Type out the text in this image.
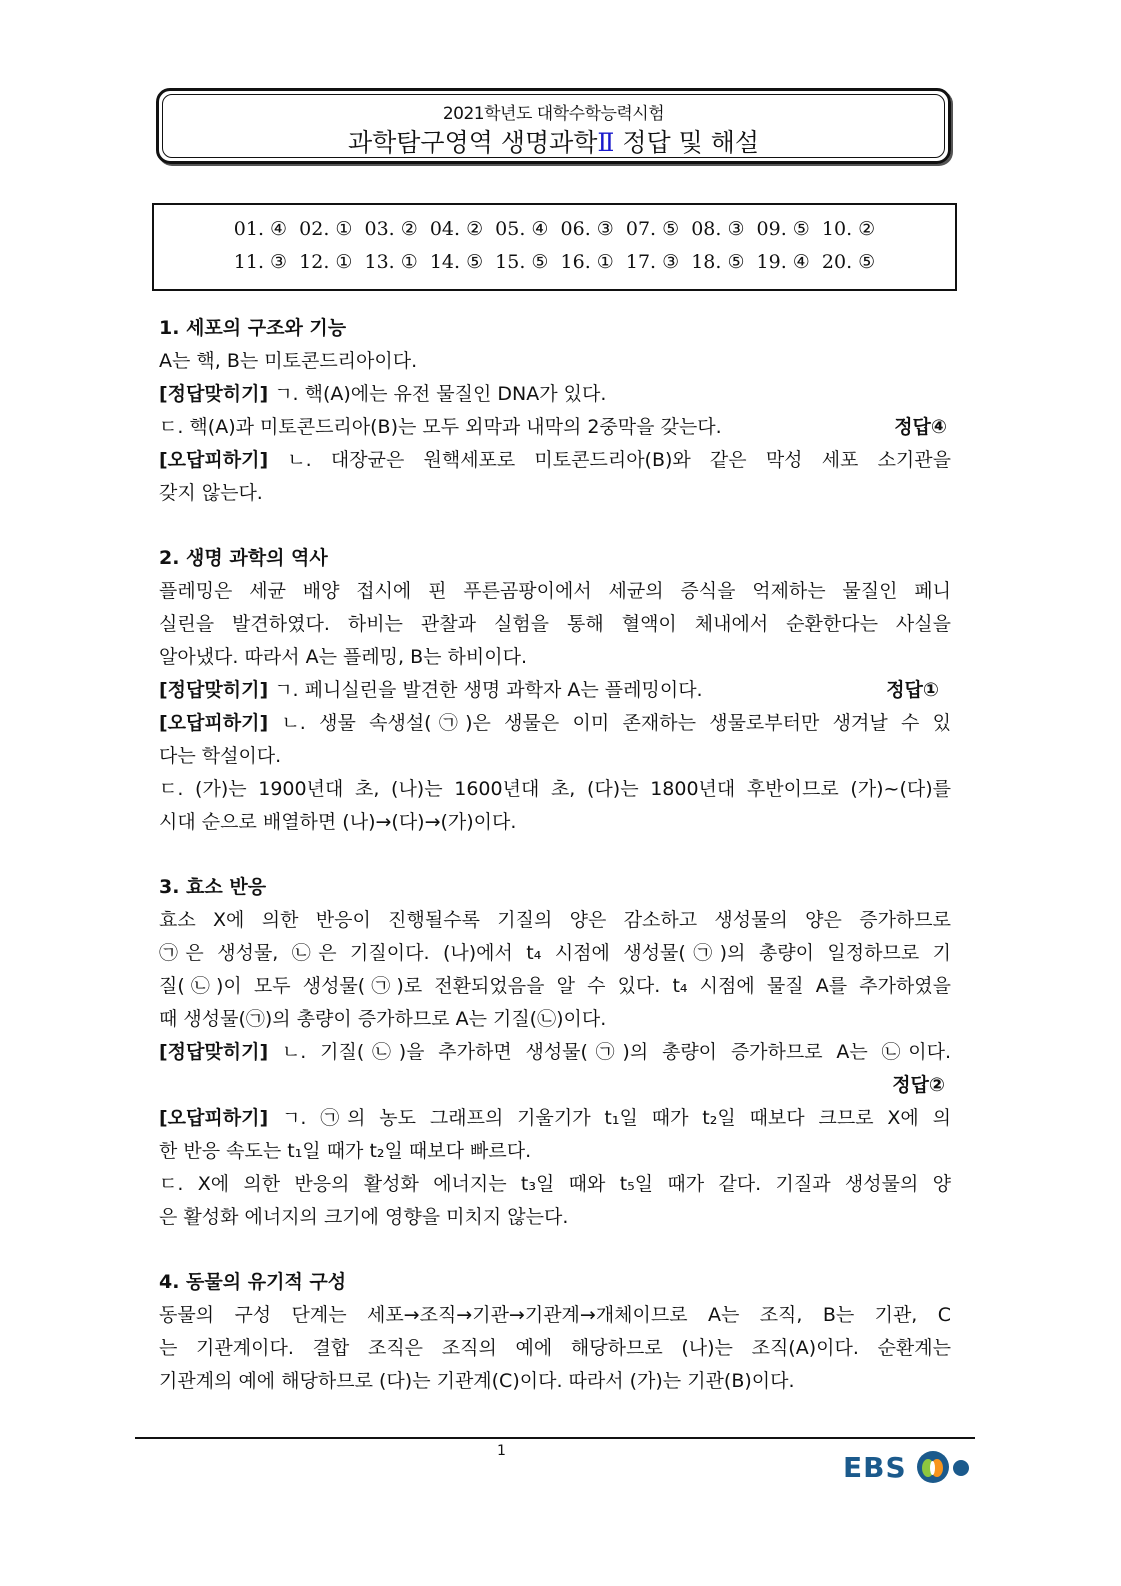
2021학년도 대학수학능력시험
과학탐구영역 생명과학Ⅱ 정답 및 해설
01. ④ 02. ① 03. ② 04. ② 05. ④ 06. ③ 07. ⑤ 08. ③ 09. ⑤ 10. ②
11. ③ 12. ① 13. ① 14. ⑤ 15. ⑤ 16. ① 17. ③ 18. ⑤ 19. ④ 20. ⑤
1. 세포의 구조와 기능
A는 핵, B는 미토콘드리아이다.
[정답맞히기] ㄱ. 핵(A)에는 유전 물질인 DNA가 있다.
ㄷ. 핵(A)과 미토콘드리아(B)는 모두 외막과 내막의 2중막을 갖는다.	정답④
[오답피하기] ㄴ. 대장균은 원핵세포로 미토콘드리아(B)와 같은 막성 세포 소기관을
갖지 않는다.
2. 생명 과학의 역사
플레밍은 세균 배양 접시에 핀 푸른곰팡이에서 세균의 증식을 억제하는 물질인 페니
실린을 발견하였다. 하비는 관찰과 실험을 통해 혈액이 체내에서 순환한다는 사실을
알아냈다. 따라서 A는 플레밍, B는 하비이다.
[정답맞히기] ㄱ. 페니실린을 발견한 생명 과학자 A는 플레밍이다.	정답①
[오답피하기] ㄴ. 생물 속생설(㉠)은 생물은 이미 존재하는 생물로부터만 생겨날 수 있
다는 학설이다.
ㄷ. (가)는 1900년대 초, (나)는 1600년대 초, (다)는 1800년대 후반이므로 (가)~(다)를
시대 순으로 배열하면 (나)→(다)→(가)이다.
3. 효소 반응
효소 X에 의한 반응이 진행될수록 기질의 양은 감소하고 생성물의 양은 증가하므로
㉠은 생성물, ㉡은 기질이다. (나)에서 t₄ 시점에 생성물(㉠)의 총량이 일정하므로 기
질(㉡)이 모두 생성물(㉠)로 전환되었음을 알 수 있다. t₄ 시점에 물질 A를 추가하였을
때 생성물(㉠)의 총량이 증가하므로 A는 기질(㉡)이다.
[정답맞히기] ㄴ. 기질(㉡)을 추가하면 생성물(㉠)의 총량이 증가하므로 A는 ㉡이다.
정답②
[오답피하기] ㄱ. ㉠의 농도 그래프의 기울기가 t₁일 때가 t₂일 때보다 크므로 X에 의
한 반응 속도는 t₁일 때가 t₂일 때보다 빠르다.
ㄷ. X에 의한 반응의 활성화 에너지는 t₃일 때와 t₅일 때가 같다. 기질과 생성물의 양
은 활성화 에너지의 크기에 영향을 미치지 않는다.
4. 동물의 유기적 구성
동물의 구성 단계는 세포→조직→기관→기관계→개체이므로 A는 조직, B는 기관, C
는 기관계이다. 결합 조직은 조직의 예에 해당하므로 (나)는 조직(A)이다. 순환계는
기관계의 예에 해당하므로 (다)는 기관계(C)이다. 따라서 (가)는 기관(B)이다.
1	EBS
